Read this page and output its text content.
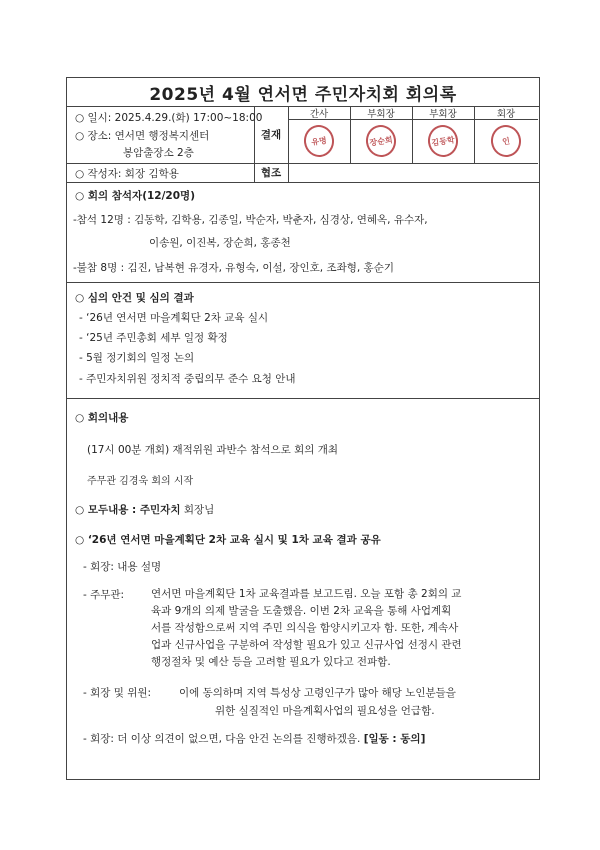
2025년 4월 연서면 주민자치회 회의록
○ 일시: 2025.4.29.(화) 17:00~18:00
○ 장소: 연서면 행정복지센터
봉암출장소 2층
○ 작성자: 회장 김학용
결재
협조
간사	부회장	부회장	회장
유명	장순희	김동학	인
○ 회의 참석자(12/20명)
-참석 12명 : 김동학, 김학용, 김종일, 박순자, 박춘자, 심경상, 연혜옥, 유수자,
이송원, 이진복, 장순희, 홍종천
-불참 8명 : 김진, 남복현 유경자, 유형숙, 이설, 장인호, 조좌형, 홍순기
○ 심의 안건 및 심의 결과
- ‘26년 연서면 마을계획단 2차 교육 실시
- ‘25년 주민총회 세부 일정 확정
- 5월 정기회의 일정 논의
- 주민자치위원 정치적 중립의무 준수 요청 안내
○ 회의내용
(17시 00분 개회) 재적위원 과반수 참석으로 회의 개최
주무관 김경욱 회의 시작
○ 모두내용 : 주민자치 회장님
○ ‘26년 연서면 마을계획단 2차 교육 실시 및 1차 교육 결과 공유
- 회장: 내용 설명
- 주무관:	연서면 마을계획단 1차 교육결과를 보고드림. 오늘 포함 총 2회의 교
육과 9개의 의제 발굴을 도출했음. 이번 2차 교육을 통해 사업계획
서를 작성함으로써 지역 주민 의식을 함양시키고자 함. 또한, 계속사
업과 신규사업을 구분하여 작성할 필요가 있고 신규사업 선정시 관련
행정절차 및 예산 등을 고려할 필요가 있다고 전파함.
- 회장 및 위원:	이에 동의하며 지역 특성상 고령인구가 많아 해당 노인분들을
위한 실질적인 마을계획사업의 필요성을 언급함.
- 회장: 더 이상 의견이 없으면, 다음 안건 논의를 진행하겠음. [일동 : 동의]
